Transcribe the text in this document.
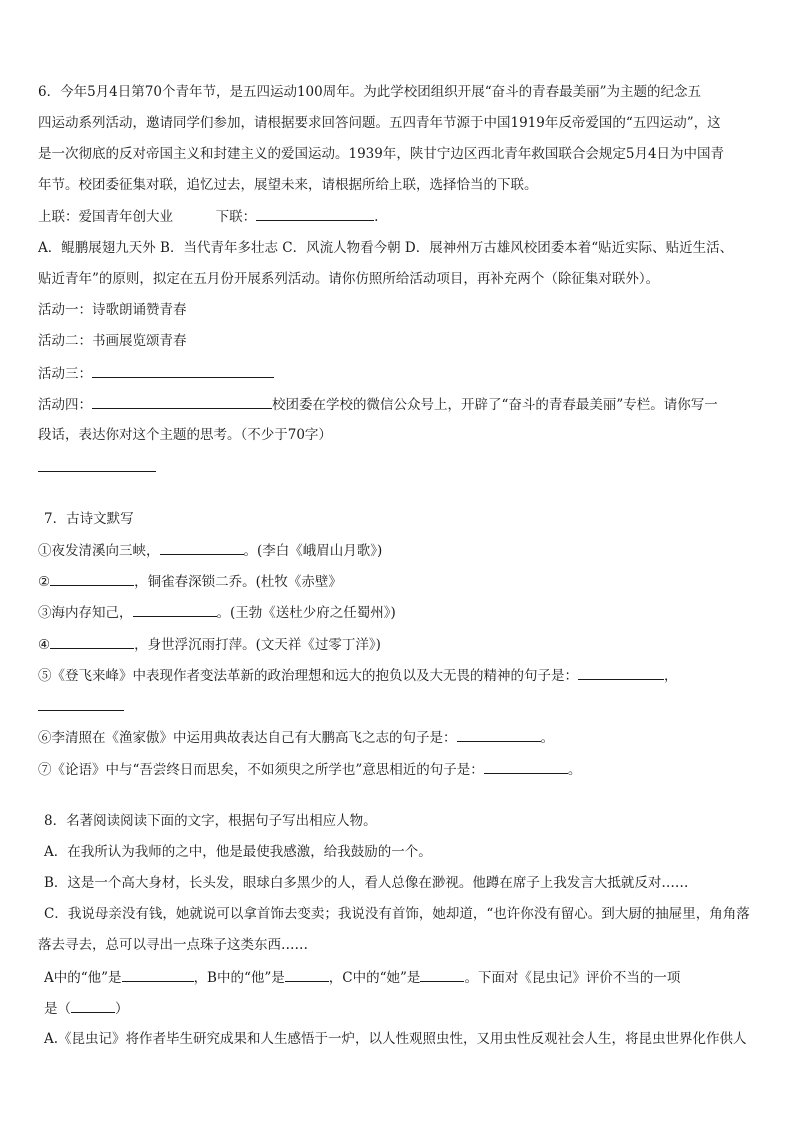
6．今年5月4日第70个青年节，是五四运动100周年。为此学校团组织开展“奋斗的青春最美丽”为主题的纪念五
四运动系列活动，邀请同学们参加，请根据要求回答问题。五四青年节源于中国1919年反帝爱国的“五四运动”，这
是一次彻底的反对帝国主义和封建主义的爱国运动。1939年，陕甘宁边区西北青年救国联合会规定5月4日为中国青
年节。校团委征集对联，追忆过去，展望未来，请根据所给上联，选择恰当的下联。
上联：爱国青年创大业	下联：	.
A．鲲鹏展翅九天外 B．当代青年多壮志 C．风流人物看今朝 D．展神州万古雄风校团委本着“贴近实际、贴近生活、
贴近青年”的原则，拟定在五月份开展系列活动。请你仿照所给活动项目，再补充两个（除征集对联外）。
活动一：诗歌朗诵赞青春
活动二：书画展览颂青春
活动三：
活动四：	校团委在学校的微信公众号上，开辟了“奋斗的青春最美丽”专栏。请你写一
段话，表达你对这个主题的思考。（不少于70字）
7．古诗文默写
①夜发清溪向三峡，	。(李白《峨眉山月歌》)
②	，铜雀春深锁二乔。(杜牧《赤壁》
③海内存知己，	。(王勃《送杜少府之任蜀州》)
④	，身世浮沉雨打萍。(文天祥《过零丁洋》)
⑤《登飞来峰》中表现作者变法革新的政治理想和远大的抱负以及大无畏的精神的句子是：	，
⑥李清照在《渔家傲》中运用典故表达自己有大鹏高飞之志的句子是：	。
⑦《论语》中与“吾尝终日而思矣，不如须臾之所学也”意思相近的句子是：	。
8．名著阅读阅读下面的文字，根据句子写出相应人物。
A．在我所认为我师的之中，他是最使我感激，给我鼓励的一个。
B．这是一个高大身材，长头发，眼球白多黑少的人，看人总像在渺视。他蹲在席子上我发言大抵就反对……
C．我说母亲没有钱，她就说可以拿首饰去变卖；我说没有首饰，她却道，“也许你没有留心。到大厨的抽屉里，角角落
落去寻去，总可以寻出一点珠子这类东西……
A中的“他”是	，B中的“他”是	，C中的“她”是	。下面对《昆虫记》评价不当的一项
是（	）
A.《昆虫记》将作者毕生研究成果和人生感悟于一炉，以人性观照虫性，又用虫性反观社会人生，将昆虫世界化作供人
